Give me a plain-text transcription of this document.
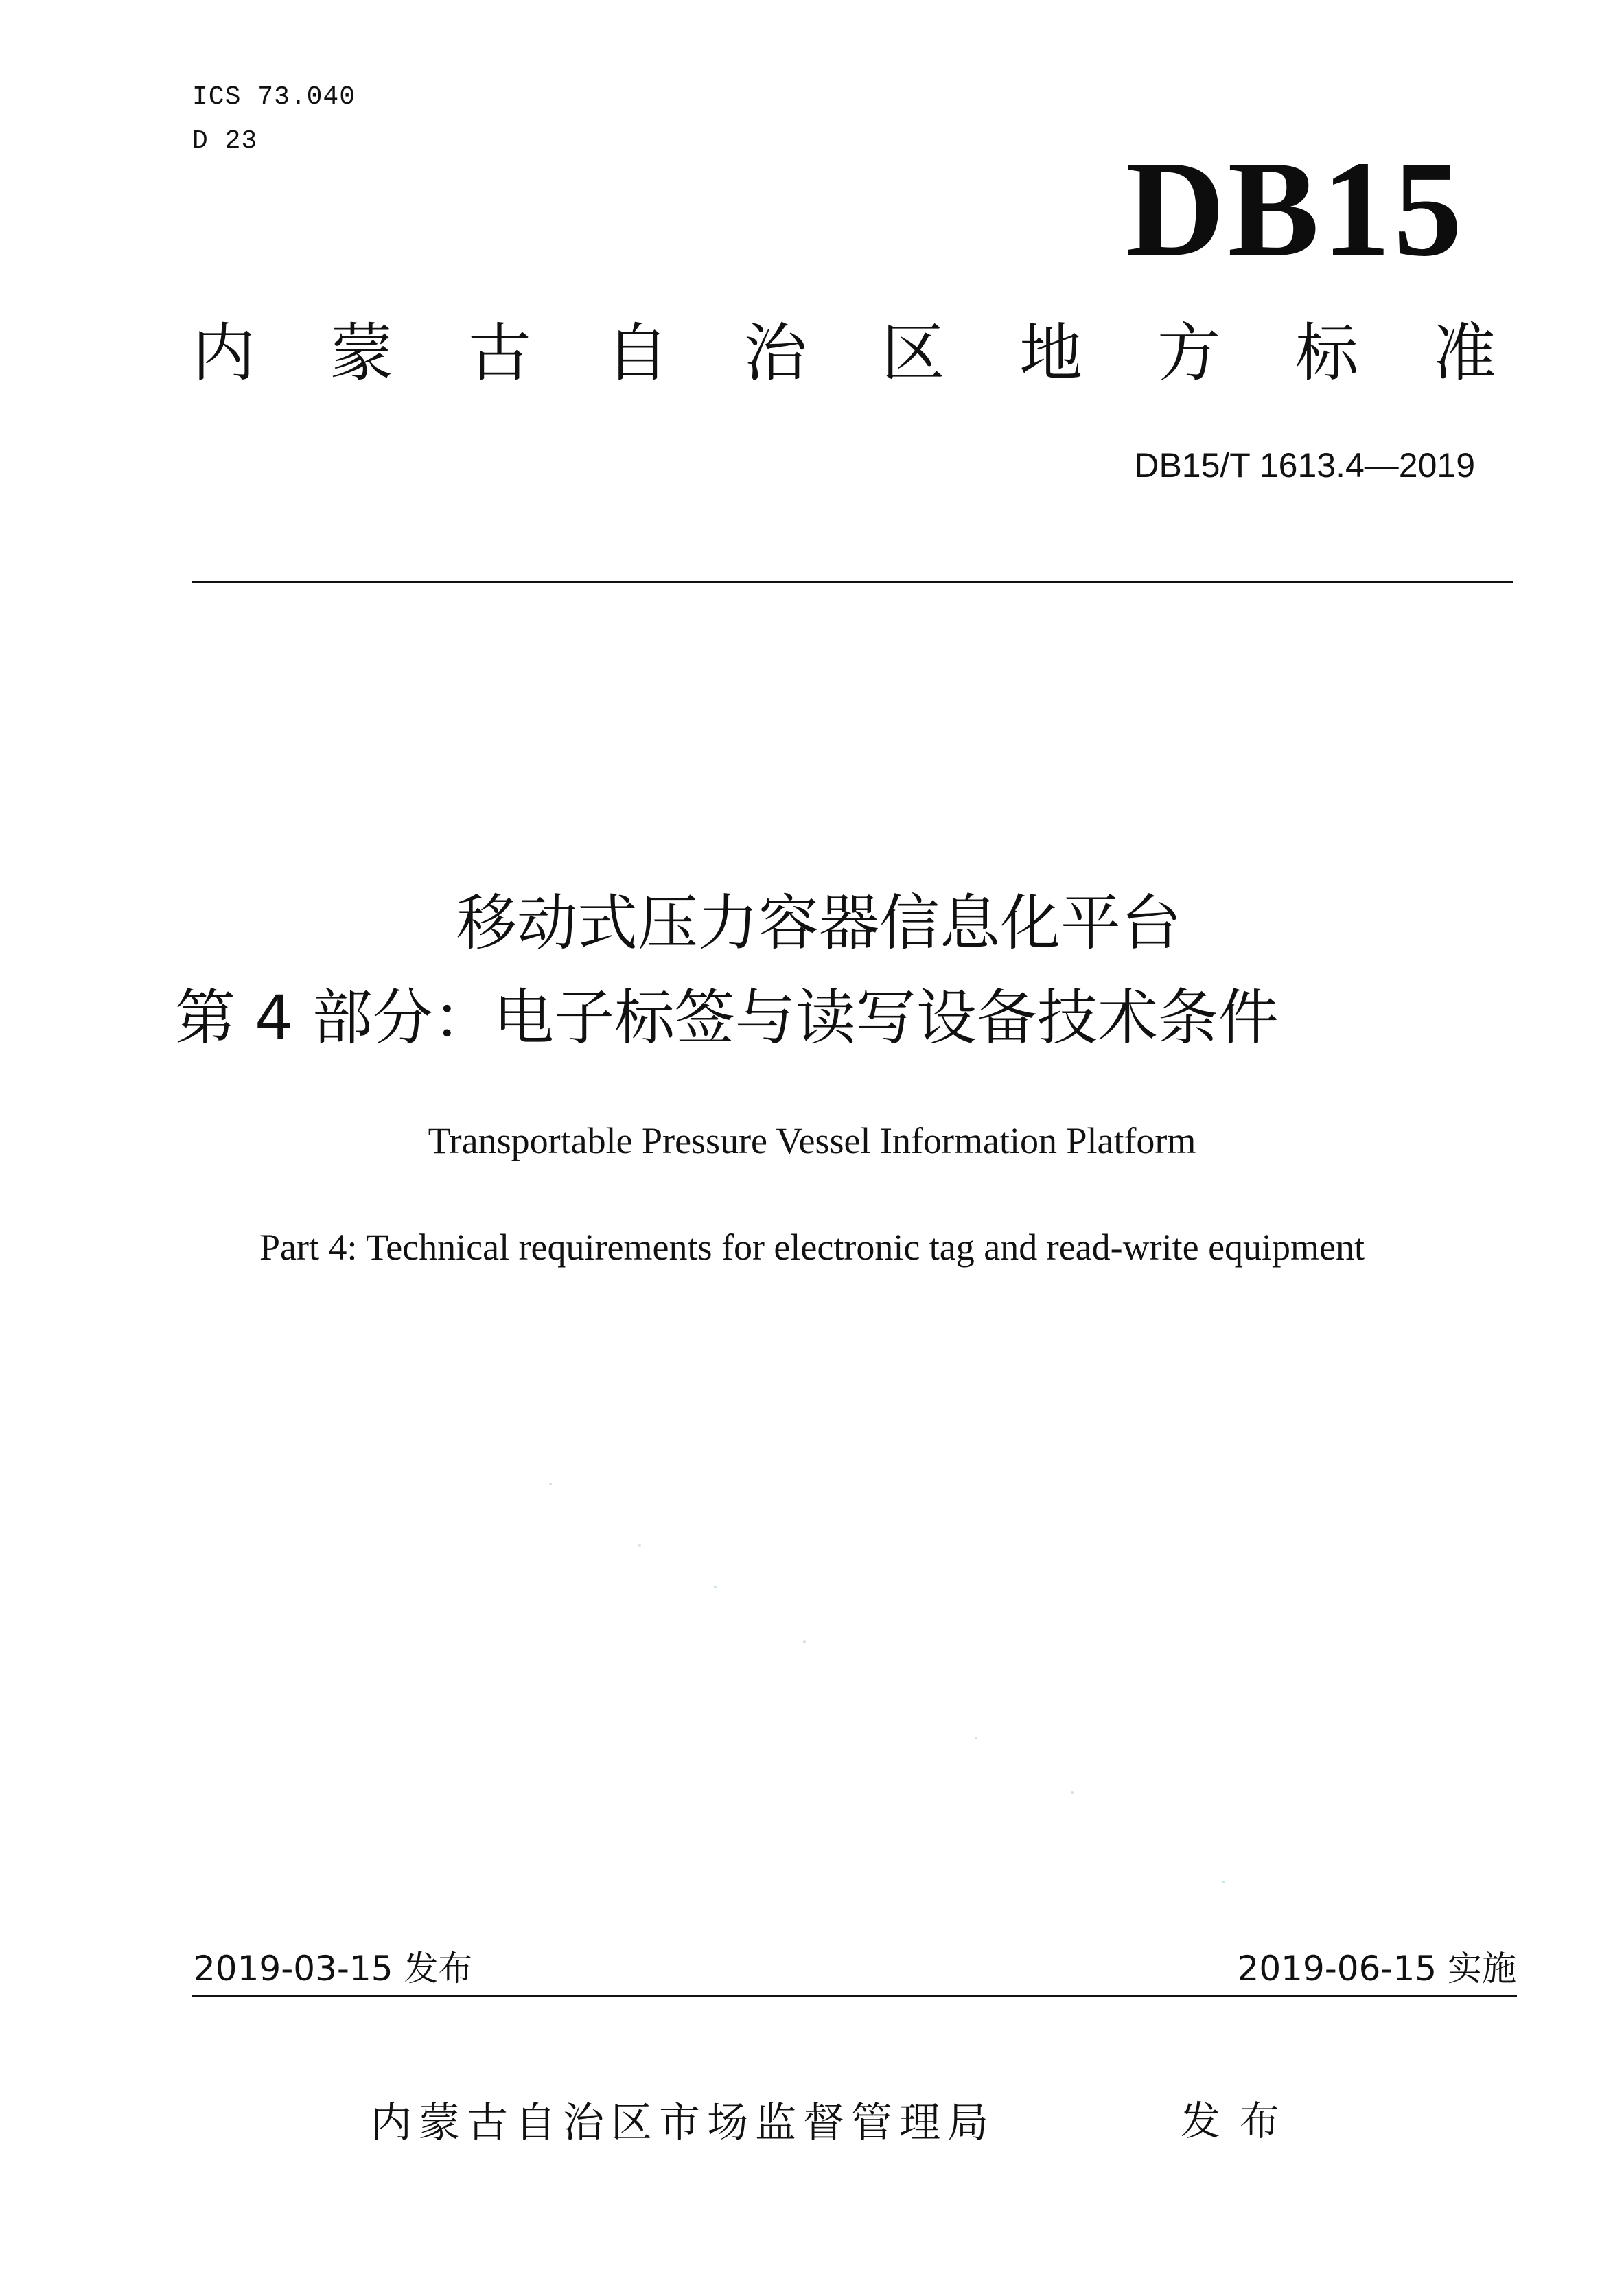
ICS 73.040
D 23	DB15
内 蒙 古 自 治 区 地 方 标 准
DB15/T 1613.4—2019
移动式压力容器信息化平台
第 4 部分：电子标签与读写设备技术条件
Transportable Pressure Vessel Information Platform
Part 4: Technical requirements for electronic tag and read-write equipment
2019-03-15 发布	2019-06-15 实施
内蒙古自治区市场监督管理局	发布
